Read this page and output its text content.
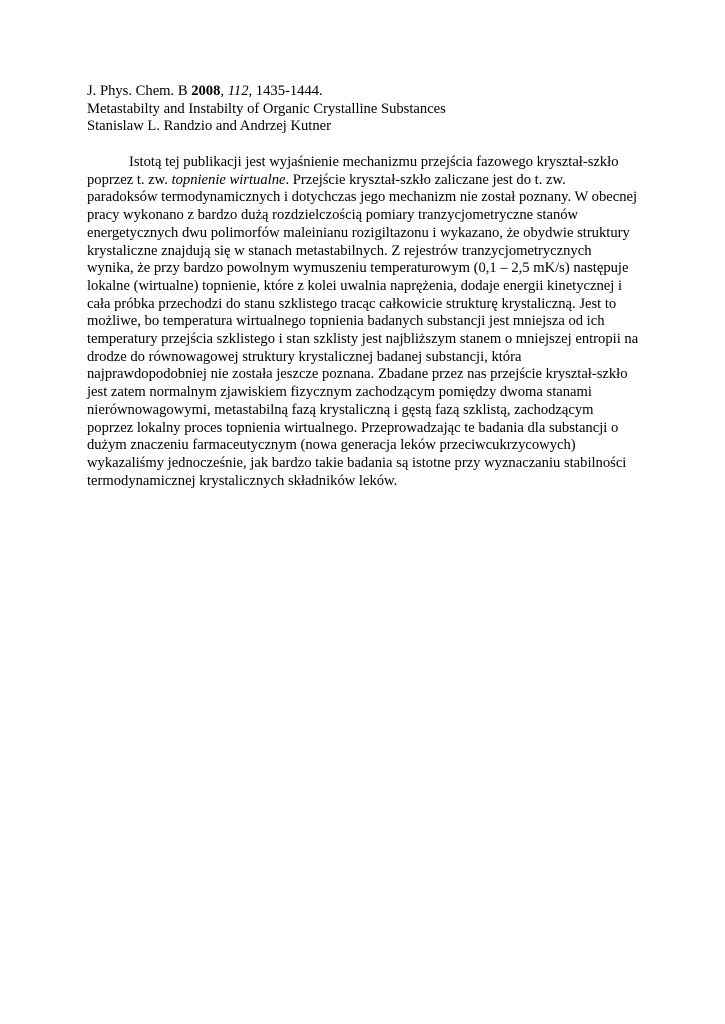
J. Phys. Chem. B 2008, 112, 1435-1444.
Metastabilty and Instabilty of Organic Crystalline Substances
Stanislaw L. Randzio and Andrzej Kutner
Istotą tej publikacji jest wyjaśnienie mechanizmu przejścia fazowego kryształ-szkło
poprzez t. zw. topnienie wirtualne. Przejście kryształ-szkło zaliczane jest do t. zw.
paradoksów termodynamicznych i dotychczas jego mechanizm nie został poznany. W obecnej
pracy wykonano z bardzo dużą rozdzielczością pomiary tranzycjometryczne stanów
energetycznych dwu polimorfów maleinianu rozigiltazonu i wykazano, że obydwie struktury
krystaliczne znajdują się w stanach metastabilnych. Z rejestrów tranzycjometrycznych
wynika, że przy bardzo powolnym wymuszeniu temperaturowym (0,1 – 2,5 mK/s) następuje
lokalne (wirtualne) topnienie, które z kolei uwalnia naprężenia, dodaje energii kinetycznej i
cała próbka przechodzi do stanu szklistego tracąc całkowicie strukturę krystaliczną. Jest to
możliwe, bo temperatura wirtualnego topnienia badanych substancji jest mniejsza od ich
temperatury przejścia szklistego i stan szklisty jest najbliższym stanem o mniejszej entropii na
drodze do równowagowej struktury krystalicznej badanej substancji, która
najprawdopodobniej nie została jeszcze poznana. Zbadane przez nas przejście kryształ-szkło
jest zatem normalnym zjawiskiem fizycznym zachodzącym pomiędzy dwoma stanami
nierównowagowymi, metastabilną fazą krystaliczną i gęstą fazą szklistą, zachodzącym
poprzez lokalny proces topnienia wirtualnego. Przeprowadzając te badania dla substancji o
dużym znaczeniu farmaceutycznym (nowa generacja leków przeciwcukrzycowych)
wykazaliśmy jednocześnie, jak bardzo takie badania są istotne przy wyznaczaniu stabilności
termodynamicznej krystalicznych składników leków.
